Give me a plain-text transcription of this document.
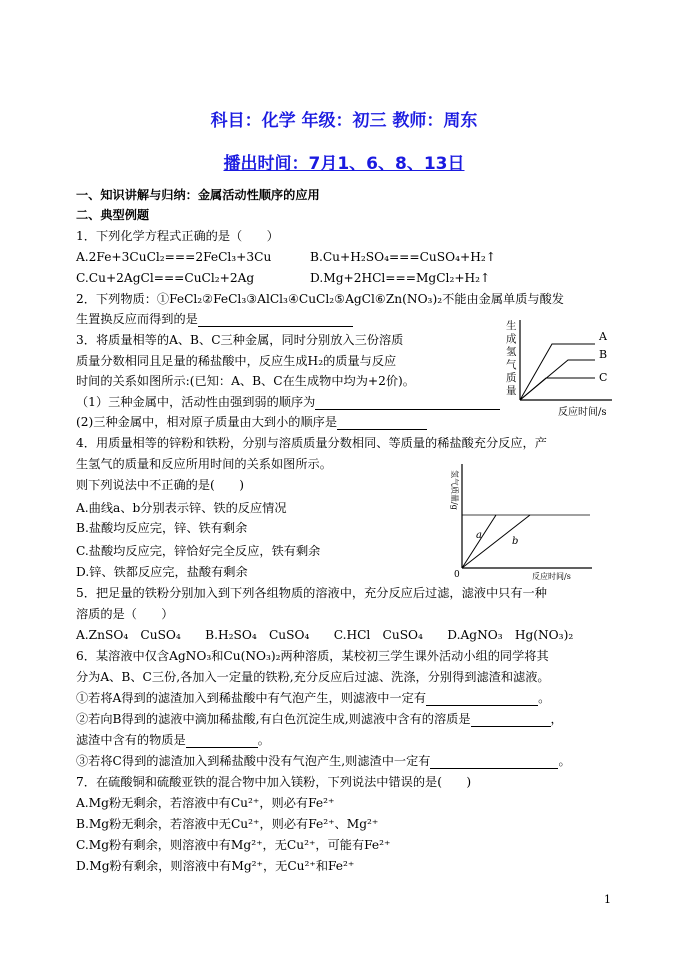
科目：化学 年级：初三 教师：周东
播出时间：7月1、6、8、13日
一、知识讲解与归纳：金属活动性顺序的应用
二、典型例题
1．下列化学方程式正确的是（　　）
A.2Fe+3CuCl₂===2FeCl₃+3Cu	B.Cu+H₂SO₄===CuSO₄+H₂↑
C.Cu+2AgCl===CuCl₂+2Ag	D.Mg+2HCl===MgCl₂+H₂↑
2．下列物质：①FeCl₂②FeCl₃③AlCl₃④CuCl₂⑤AgCl⑥Zn(NO₃)₂不能由金属单质与酸发
生置换反应而得到的是
3．将质量相等的A、B、C三种金属，同时分别放入三份溶质
质量分数相同且足量的稀盐酸中，反应生成H₂的质量与反应
时间的关系如图所示:(已知：A、B、C在生成物中均为+2价)。
（1）三种金属中，活动性由强到弱的顺序为
(2)三种金属中，相对原子质量由大到小的顺序是
生
成
氢
气
质
量
A
B
C
反应时间/s
4．用质量相等的锌粉和铁粉，分别与溶质质量分数相同、等质量的稀盐酸充分反应，产
生氢气的质量和反应所用时间的关系如图所示。
则下列说法中不正确的是(　　)
A.曲线a、b分别表示锌、铁的反应情况
B.盐酸均反应完，锌、铁有剩余
C.盐酸均反应完，锌恰好完全反应，铁有剩余
D.锌、铁都反应完，盐酸有剩余
氢气质量/g
a
b
0	反应时间/s
5．把足量的铁粉分别加入到下列各组物质的溶液中，充分反应后过滤，滤液中只有一种
溶质的是（　　）
A.ZnSO₄　CuSO₄　　B.H₂SO₄　CuSO₄　　C.HCl　CuSO₄　　D.AgNO₃　Hg(NO₃)₂
6．某溶液中仅含AgNO₃和Cu(NO₃)₂两种溶质，某校初三学生课外活动小组的同学将其
分为A、B、C三份,各加入一定量的铁粉,充分反应后过滤、洗涤，分别得到滤渣和滤液。
①若将A得到的滤渣加入到稀盐酸中有气泡产生，则滤液中一定有	。
②若向B得到的滤液中滴加稀盐酸,有白色沉淀生成,则滤液中含有的溶质是	，
滤渣中含有的物质是	。
③若将C得到的滤渣加入到稀盐酸中没有气泡产生,则滤渣中一定有	。
7．在硫酸铜和硫酸亚铁的混合物中加入镁粉，下列说法中错误的是(　　)
A.Mg粉无剩余，若溶液中有Cu²⁺，则必有Fe²⁺
B.Mg粉无剩余，若溶液中无Cu²⁺，则必有Fe²⁺、Mg²⁺
C.Mg粉有剩余，则溶液中有Mg²⁺，无Cu²⁺，可能有Fe²⁺
D.Mg粉有剩余，则溶液中有Mg²⁺，无Cu²⁺和Fe²⁺
1
